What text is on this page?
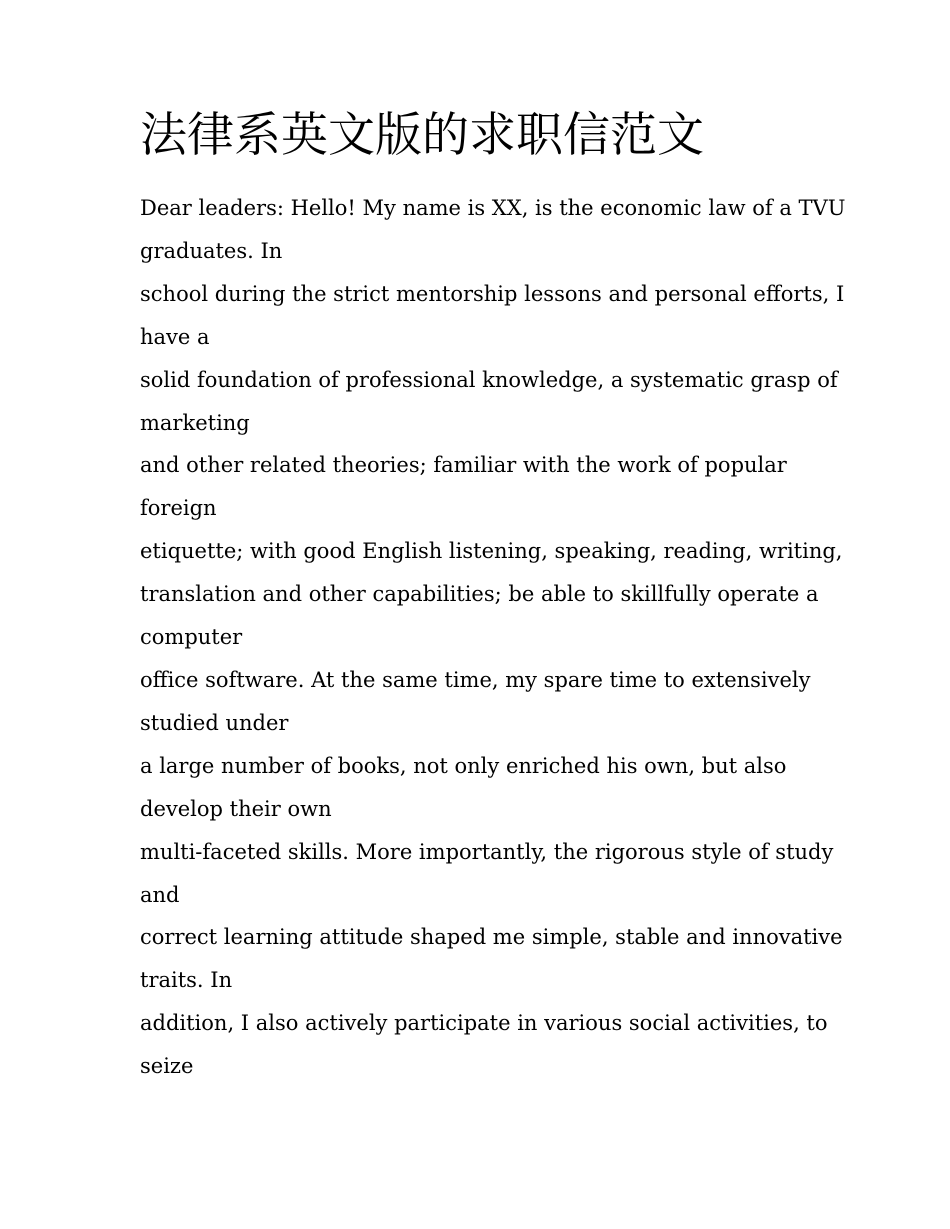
法律系英文版的求职信范文
Dear leaders: Hello! My name is XX, is the economic law of a TVU
graduates. In
school during the strict mentorship lessons and personal efforts, I
have a
solid foundation of professional knowledge, a systematic grasp of
marketing
and other related theories; familiar with the work of popular
foreign
etiquette; with good English listening, speaking, reading, writing,
translation and other capabilities; be able to skillfully operate a
computer
office software. At the same time, my spare time to extensively
studied under
a large number of books, not only enriched his own, but also
develop their own
multi-faceted skills. More importantly, the rigorous style of study
and
correct learning attitude shaped me simple, stable and innovative
traits. In
addition, I also actively participate in various social activities, to
seize
